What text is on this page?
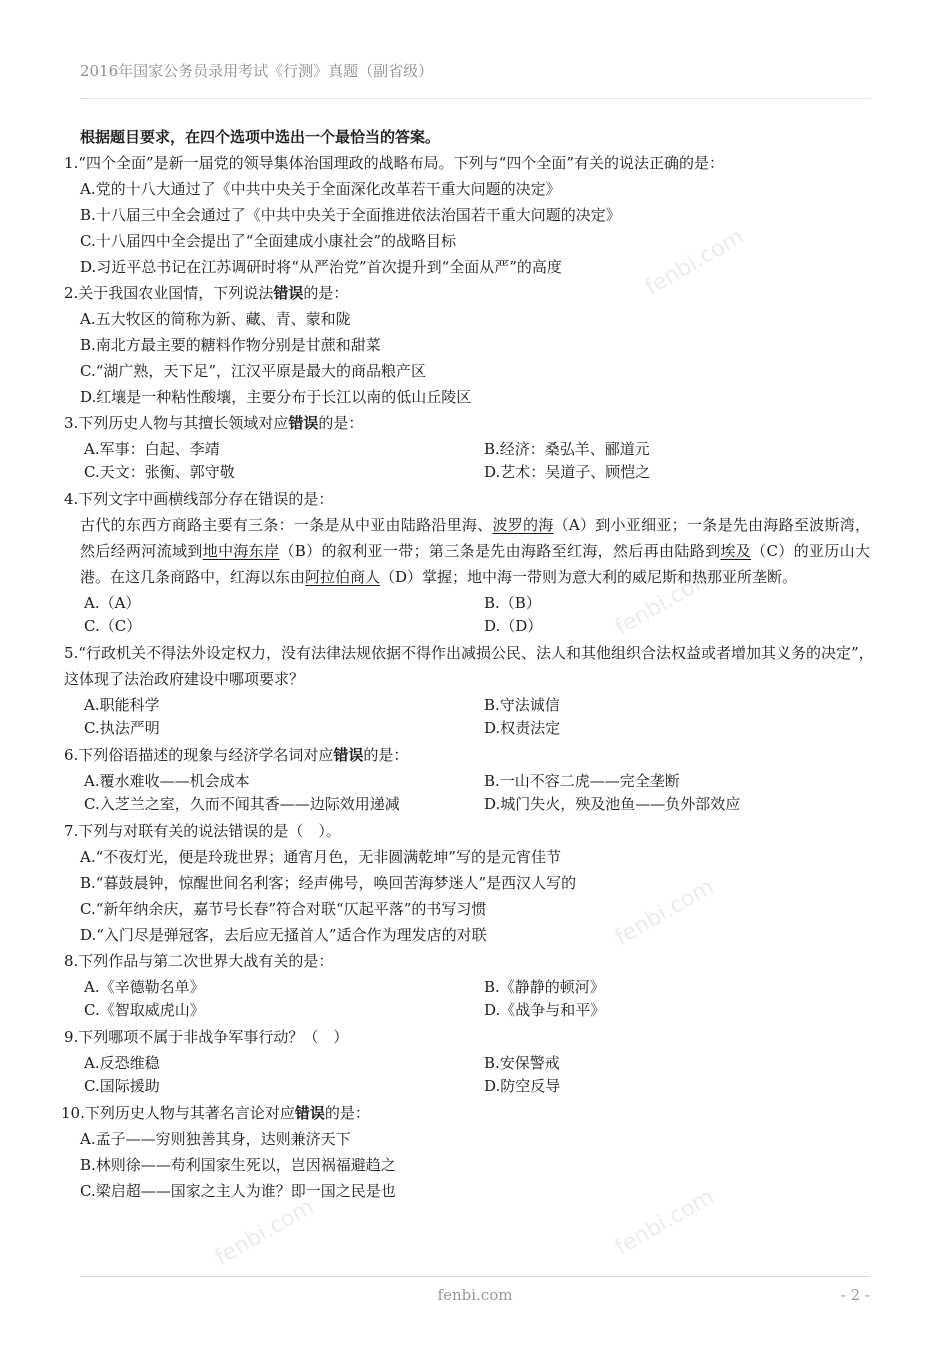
2016年国家公务员录用考试《行测》真题（副省级）
fenbi.com
fenbi.com
fenbi.com
fenbi.com
fenbi.com
根据题目要求，在四个选项中选出一个最恰当的答案。
1.“四个全面”是新一届党的领导集体治国理政的战略布局。下列与“四个全面”有关的说法正确的是：
A.党的十八大通过了《中共中央关于全面深化改革若干重大问题的决定》
B.十八届三中全会通过了《中共中央关于全面推进依法治国若干重大问题的决定》
C.十八届四中全会提出了“全面建成小康社会”的战略目标
D.习近平总书记在江苏调研时将“从严治党”首次提升到“全面从严”的高度
2.关于我国农业国情，下列说法错误的是：
A.五大牧区的简称为新、藏、青、蒙和陇
B.南北方最主要的糖料作物分别是甘蔗和甜菜
C.“湖广熟，天下足”，江汉平原是最大的商品粮产区
D.红壤是一种粘性酸壤，主要分布于长江以南的低山丘陵区
3.下列历史人物与其擅长领域对应错误的是：
A.军事：白起、李靖	B.经济：桑弘羊、郦道元
C.天文：张衡、郭守敬	D.艺术：吴道子、顾恺之
4.下列文字中画横线部分存在错误的是：
古代的东西方商路主要有三条：一条是从中亚由陆路沿里海、波罗的海（A）到小亚细亚；一条是先由海路至波斯湾，然后经两河流域到地中海东岸（B）的叙利亚一带；第三条是先由海路至红海，然后再由陆路到埃及（C）的亚历山大港。在这几条商路中，红海以东由阿拉伯商人（D）掌握；地中海一带则为意大利的威尼斯和热那亚所垄断。
A.（A）	B.（B）
C.（C）	D.（D）
5.“行政机关不得法外设定权力，没有法律法规依据不得作出减损公民、法人和其他组织合法权益或者增加其义务的决定”，这体现了法治政府建设中哪项要求？
A.职能科学	B.守法诚信
C.执法严明	D.权责法定
6.下列俗语描述的现象与经济学名词对应错误的是：
A.覆水难收——机会成本	B.一山不容二虎——完全垄断
C.入芝兰之室，久而不闻其香——边际效用递减	D.城门失火，殃及池鱼——负外部效应
7.下列与对联有关的说法错误的是（　）。
A.“不夜灯光，便是玲珑世界；通宵月色，无非圆满乾坤”写的是元宵佳节
B.“暮鼓晨钟，惊醒世间名利客；经声佛号，唤回苦海梦迷人”是西汉人写的
C.“新年纳余庆，嘉节号长春”符合对联“仄起平落”的书写习惯
D.“入门尽是弹冠客，去后应无搔首人”适合作为理发店的对联
8.下列作品与第二次世界大战有关的是：
A.《辛德勒名单》	B.《静静的顿河》
C.《智取威虎山》	D.《战争与和平》
9.下列哪项不属于非战争军事行动？（　）
A.反恐维稳	B.安保警戒
C.国际援助	D.防空反导
10.下列历史人物与其著名言论对应错误的是：
A.孟子——穷则独善其身，达则兼济天下
B.林则徐——苟利国家生死以，岂因祸福避趋之
C.梁启超——国家之主人为谁？即一国之民是也
fenbi.com	- 2 -
